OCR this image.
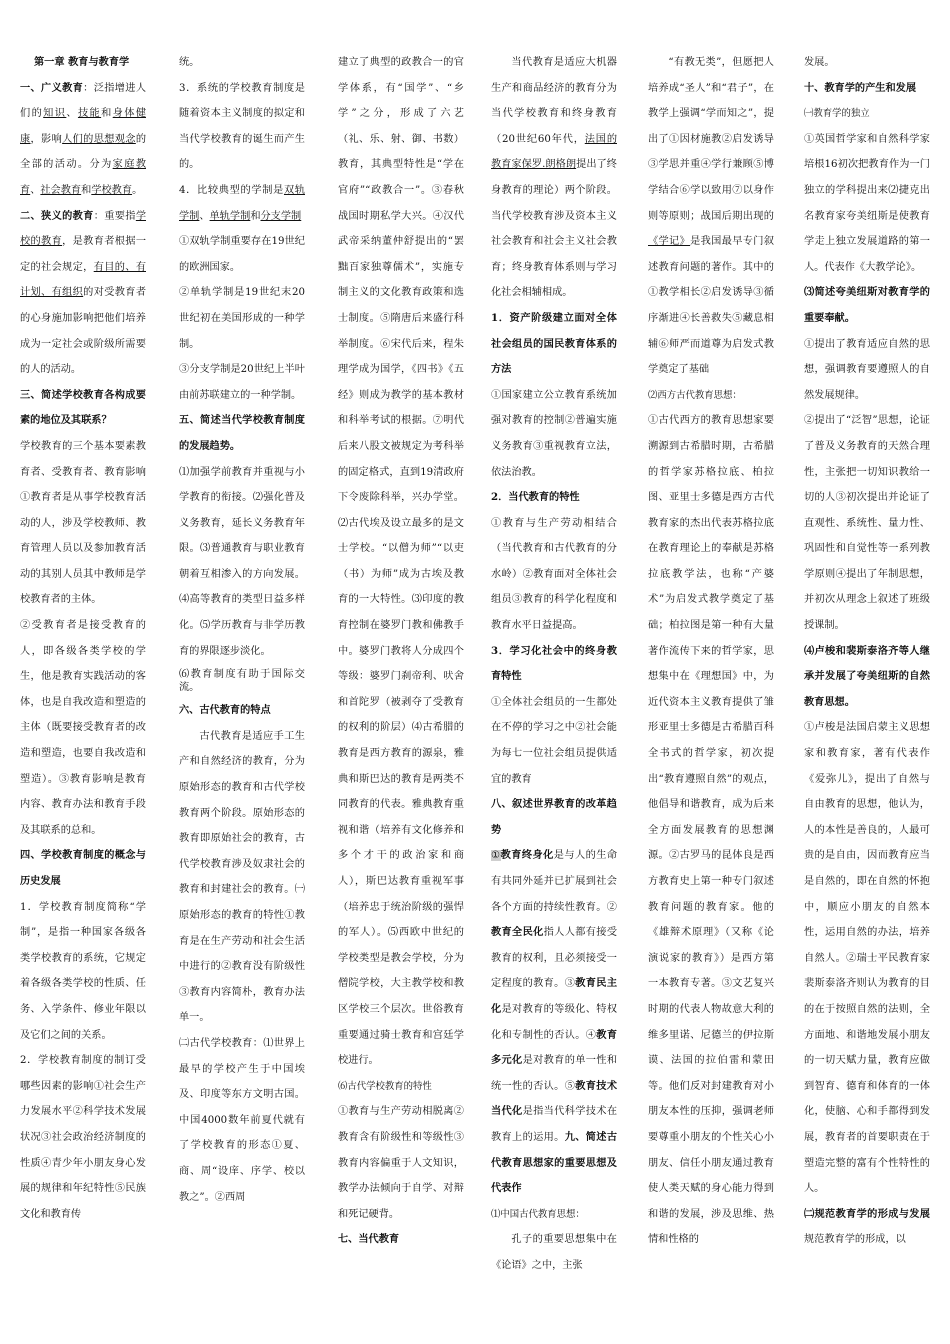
第一章 教育与教育学

一、广义教育：泛指增进人们的知识、技能和身体健康，影响人们的思想观念的全部的活动。分为家庭教育、社会教育和学校教育。

二、狭义的教育：重要指学校的教育，是教育者根据一定的社会规定，有目的、有计划、有组织的对受教育者的心身施加影响把他们培养成为一定社会或阶级所需要的人的活动。

三、简述学校教育各构成要素的地位及其联系？

学校教育的三个基本要素教育者、受教育者、教育影响①教育者是从事学校教育活动的人，涉及学校教师、教育管理人员以及参加教育活动的其别人员其中教师是学校教育者的主体。

②受教育者是接受教育的人，即各级各类学校的学生，他是教育实践活动的客体，也是自我改造和塑造的主体（既要接受教育者的改造和塑造，也要自我改造和塑造）。③教育影响是教育内容、教育办法和教育手段及其联系的总和。

四、学校教育制度的概念与历史发展

1．学校教育制度简称“学制”，是指一种国家各级各类学校教育的系统，它规定着各级各类学校的性质、任务、入学条件、修业年限以及它们之间的关系。

2．学校教育制度的制订受哪些因素的影响①社会生产力发展水平②科学技术发展状况③社会政治经济制度的性质④青少年小朋友身心发展的规律和年纪特性⑤民族文化和教育传

统。

3．系统的学校教育制度是随着资本主义制度的拟定和当代学校教育的诞生而产生的。

4．比较典型的学制是双轨学制、单轨学制和分支学制

①双轨学制重要存在19世纪的欧洲国家。

②单轨学制是19世纪末20世纪初在美国形成的一种学制。

③分支学制是20世纪上半叶由前苏联建立的一种学制。

五、简述当代学校教育制度的发展趋势。

⑴加强学前教育并重视与小学教育的衔接。⑵强化普及义务教育，延长义务教育年限。⑶普通教育与职业教育朝着互相渗入的方向发展。⑷高等教育的类型日益多样化。⑸学历教育与非学历教育的界限逐步淡化。

⑹教育制度有助于国际交流。

六、古代教育的特点

古代教育是适应手工生产和自然经济的教育，分为原始形态的教育和古代学校教育两个阶段。原始形态的教育即原始社会的教育，古代学校教育涉及奴隶社会的教育和封建社会的教育。㈠原始形态的教育的特性①教育是在生产劳动和社会生活中进行的②教育没有阶级性③教育内容简朴，教育办法单一。

㈡古代学校教育：⑴世界上最早的学校产生于中国埃及、印度等东方文明古国。中国4000数年前夏代就有了学校教育的形态①夏、商、周“设庠、序学、校以教之”。②西周

建立了典型的政教合一的官学体系，有“国学”、“乡学”之分，形成了六艺（礼、乐、射、御、书数）教育，其典型特性是“学在官府”“政教合一”。③春秋战国时期私学大兴。④汉代武帝采纳董仲舒提出的“罢黜百家独尊儒术”，实施专制主义的文化教育政策和选士制度。⑤隋唐后来盛行科举制度。⑥宋代后来，程朱理学成为国学，《四书》《五经》则成为教学的基本教材和科举考试的根据。⑦明代后来八股文被规定为考科举的固定格式，直到19清政府下令废除科举，兴办学堂。⑵古代埃及设立最多的是文士学校。“以僧为师”“以吏（书）为师”成为古埃及教育的一大特性。⑶印度的教育控制在婆罗门教和佛教手中。婆罗门教将人分成四个等级：婆罗门刹帝利、吠舍和首陀罗（被剥夺了受教育的权利的阶层）⑷古希腊的教育是西方教育的源泉，雅典和斯巴达的教育是两类不同教育的代表。雅典教育重视和谐（培养有文化修养和多个才干的政治家和商人），斯巴达教育重视军事（培养忠于统治阶级的强悍的军人）。⑸西欧中世纪的学校类型是教会学校，分为僧院学校，大主教学校和教区学校三个层次。世俗教育重要通过骑士教育和宫廷学校进行。

⑹古代学校教育的特性

①教育与生产劳动相脱离②教育含有阶级性和等级性③教育内容偏重于人文知识，教学办法倾向于自学、对辩和死记硬背。

七、当代教育

当代教育是适应大机器生产和商品经济的教育分为当代学校教育和终身教育（20世纪60年代，法国的教育家保罗.朗格朗提出了终身教育的理论）两个阶段。当代学校教育涉及资本主义社会教育和社会主义社会教育；终身教育体系则与学习化社会相辅相成。

1．资产阶级建立面对全体社会组员的国民教育体系的方法

①国家建立公立教育系统加强对教育的控制②普遍实施义务教育③重视教育立法，依法治教。

2．当代教育的特性

①教育与生产劳动相结合（当代教育和古代教育的分水岭）②教育面对全体社会组员③教育的科学化程度和教育水平日益提高。

3．学习化社会中的终身教育特性

①全体社会组员的一生都处在不停的学习之中②社会能为每七一位社会组员提供适宜的教育

八、叙述世界教育的改革趋势

①教育终身化是与人的生命有共同外延并已扩展到社会各个方面的持续性教育。②教育全民化指人人都有接受教育的权利，且必须接受一定程度的教育。③教育民主化是对教育的等级化、特权化和专制性的否认。④教育多元化是对教育的单一性和统一性的否认。⑤教育技术当代化是指当代科学技术在教育上的运用。九、简述古代教育思想家的重要思想及代表作

⑴中国古代教育思想：

孔子的重要思想集中在《论语》之中，主张

“有教无类”，但愿把人培养成“圣人”和“君子”，在教学上强调“学而知之”，提出了①因材施教②启发诱导③学思并重④学行兼顾⑤博学结合⑥学以致用⑦以身作则等原则；战国后期出现的《学记》是我国最早专门叙述教育问题的著作。其中的①教学相长②启发诱导③循序渐进④长善救失⑤藏息相辅⑥师严而道尊为启发式教学奠定了基础

⑵西方古代教育思想：

①古代西方的教育思想家要溯源到古希腊时期，古希腊的哲学家苏格拉底、柏拉图、亚里士多德是西方古代教育家的杰出代表苏格拉底在教育理论上的奉献是苏格拉底教学法，也称“产婆术”为启发式教学奠定了基础；柏拉图是第一种有大量著作流传下来的哲学家，思想集中在《理想国》中，为近代资本主义教育提供了雏形亚里士多德是古希腊百科全书式的哲学家，初次提出“教育遵照自然”的观点，他倡导和谐教育，成为后来全方面发展教育的思想渊源。②古罗马的昆体良是西方教育史上第一种专门叙述教育问题的教育家。他的《雄辩术原理》（又称《论演说家的教育》）是西方第一本教育专著。③文艺复兴时期的代表人物故意大利的维多里诺、尼德兰的伊拉斯谟、法国的拉伯雷和蒙田等。他们反对封建教育对小朋友本性的压抑，强调老师要尊重小朋友的个性关心小朋友、信任小朋友通过教育使人类天赋的身心能力得到和谐的发展，涉及思维、热情和性格的

发展。

十、教育学的产生和发展

㈠教育学的独立

①英国哲学家和自然科学家培根16初次把教育作为一门独立的学科提出来⑵捷克出名教育家夸美纽斯是使教育学走上独立发展道路的第一人。代表作《大教学论》。

⑶简述夸美纽斯对教育学的重要奉献。

①提出了教育适应自然的思想，强调教育要遵照人的自然发展规律。

②提出了“泛智”思想，论证了普及义务教育的天然合理性，主张把一切知识教给一切的人③初次提出并论证了直观性、系统性、量力性、巩固性和自觉性等一系列教学原则④提出了年制思想，并初次从理念上叙述了班级授课制。

⑷卢梭和裴斯泰洛齐等人继承并发展了夸美纽斯的自然教育思想。

①卢梭是法国启蒙主义思想家和教育家，著有代表作《爱弥儿》，提出了自然与自由教育的思想，他认为，人的本性是善良的，人最可贵的是自由，因而教育应当是自然的，即在自然的怀抱中，顺应小朋友的自然本性，运用自然的办法，培养自然人。②瑞士平民教育家裴斯泰洛齐则认为教育的目的在于按照自然的法则，全方面地、和谐地发展小朋友的一切天赋力量，教育应做到智育、德育和体育的一体化，使脑、心和手都得到发展，教育者的首要职责在于塑造完整的富有个性特性的人。

㈡规范教育学的形成与发展规范教育学的形成，以
